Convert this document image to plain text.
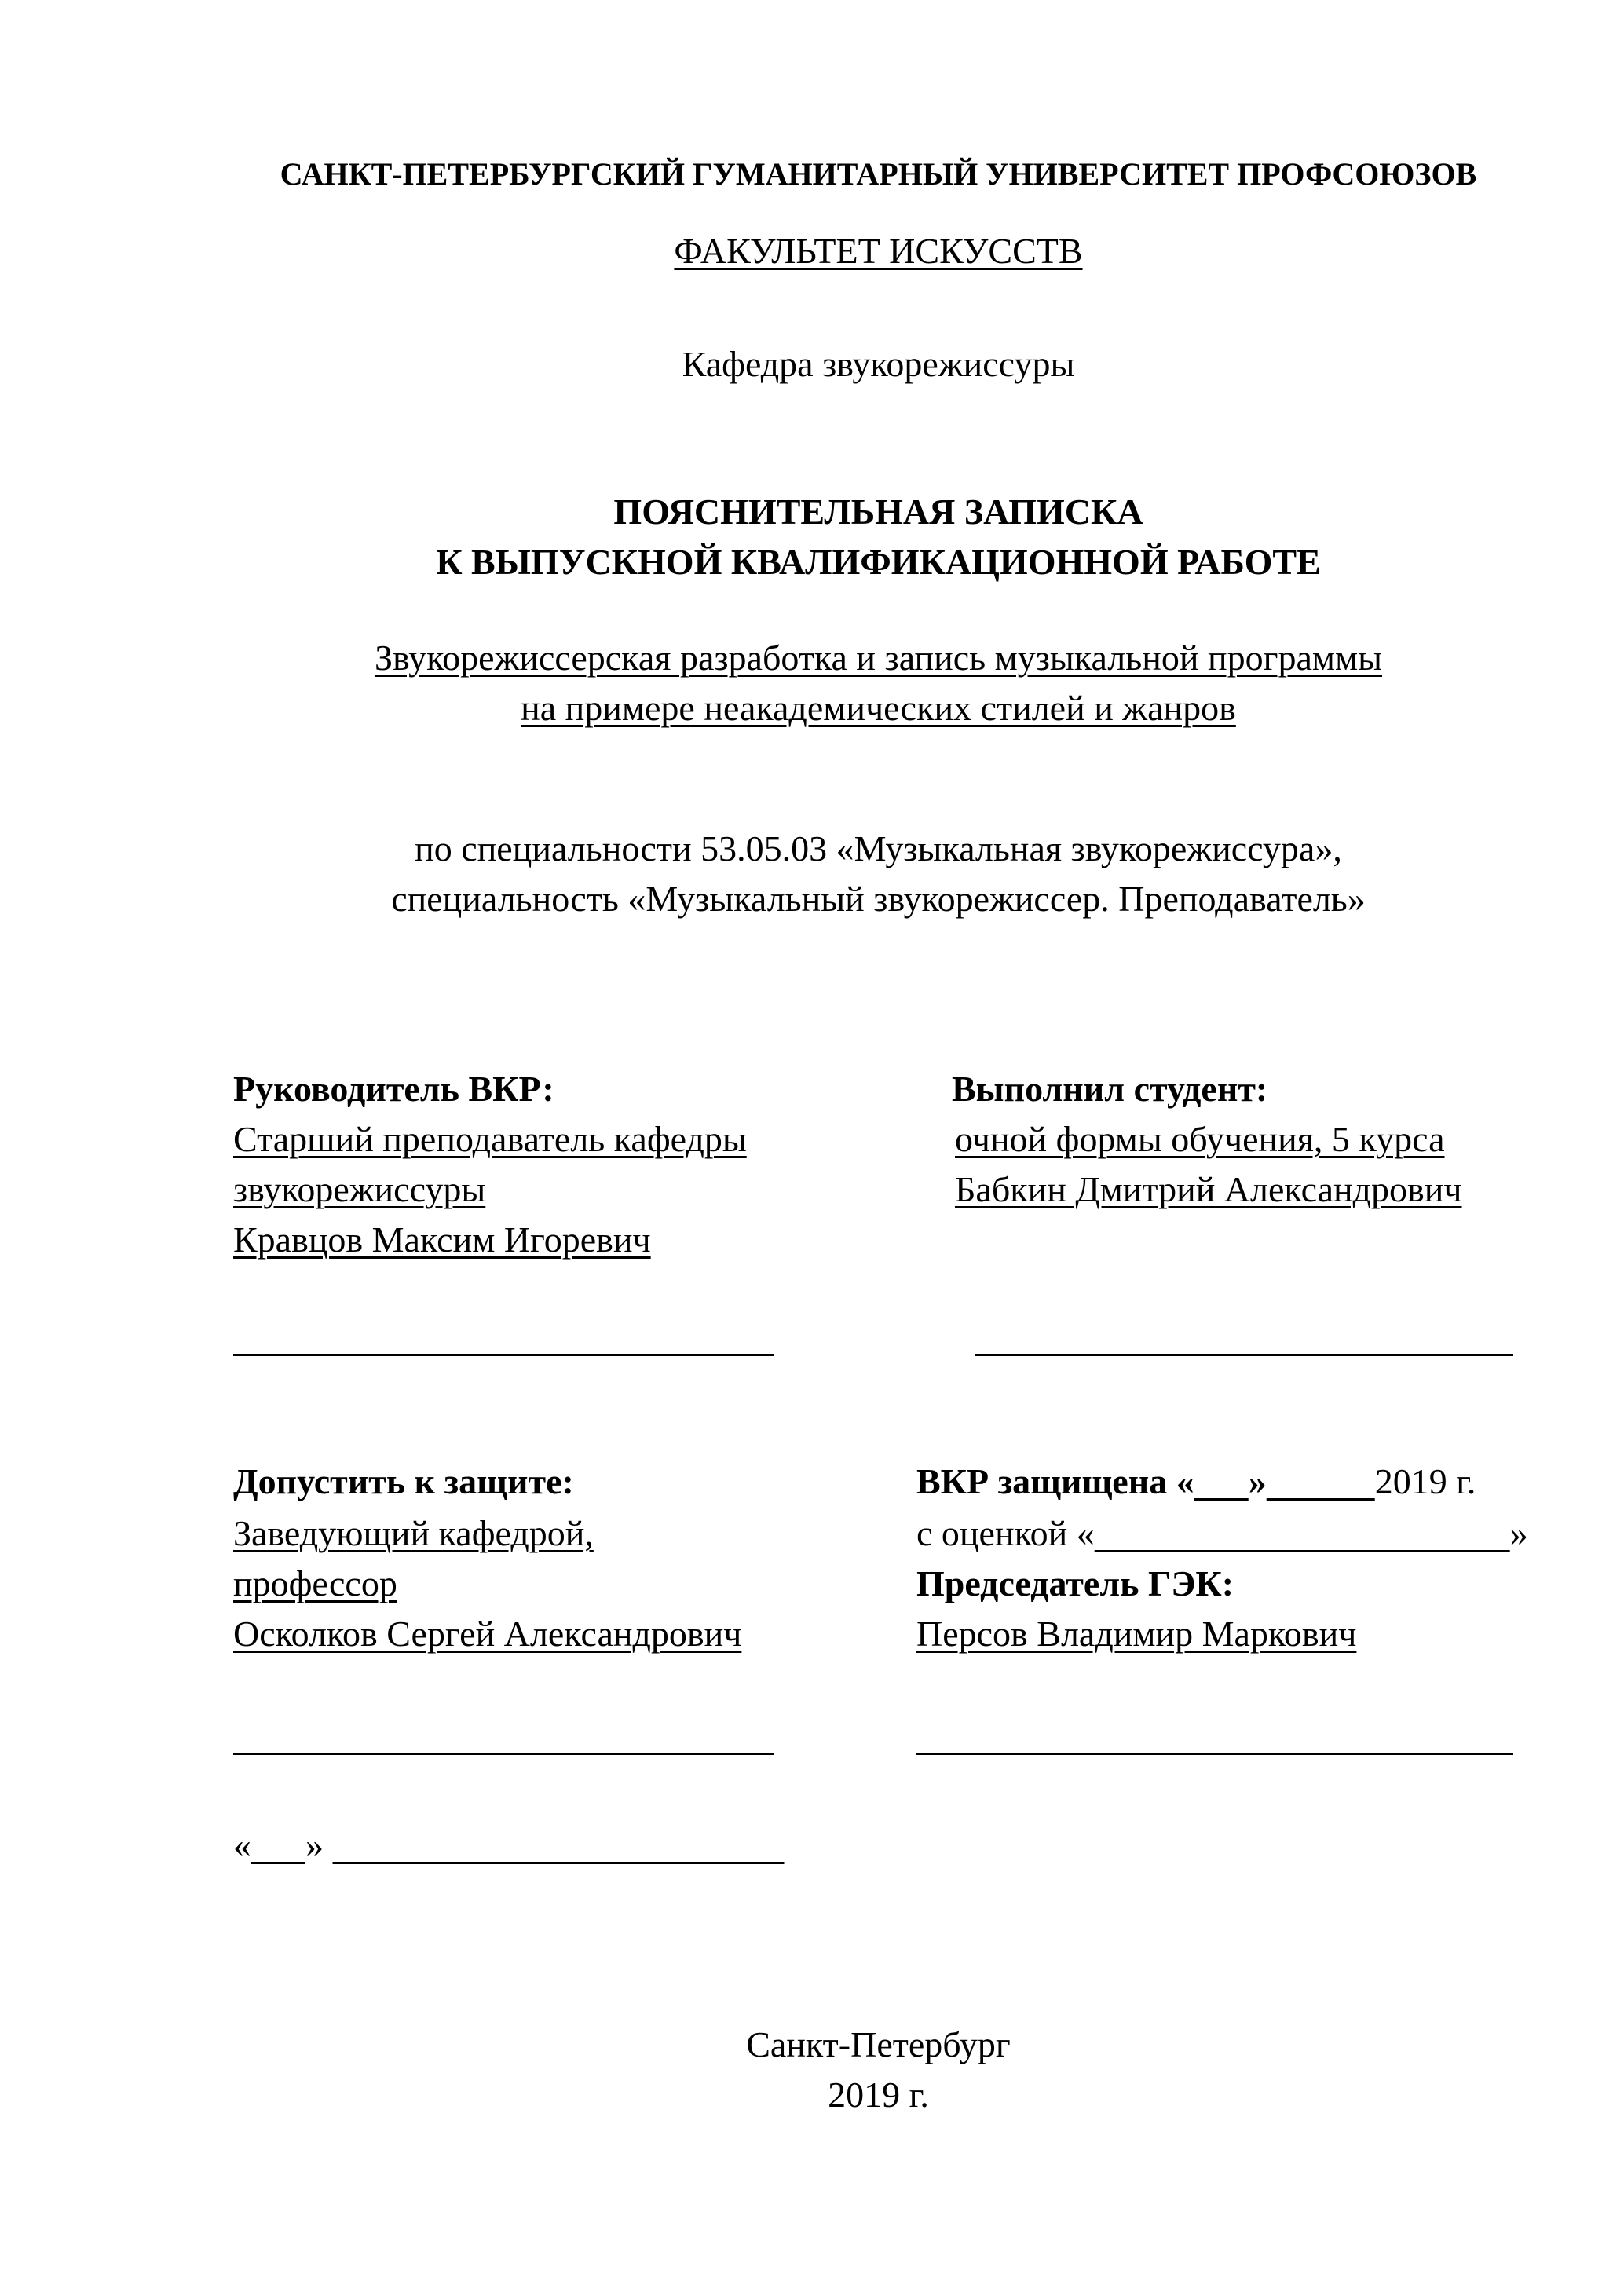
САНКТ-ПЕТЕРБУРГСКИЙ ГУМАНИТАРНЫЙ УНИВЕРСИТЕТ ПРОФСОЮЗОВ
ФАКУЛЬТЕТ ИСКУССТВ
Кафедра звукорежиссуры
ПОЯСНИТЕЛЬНАЯ ЗАПИСКА
К ВЫПУСКНОЙ КВАЛИФИКАЦИОННОЙ РАБОТЕ
Звукорежиссерская разработка и запись музыкальной программы
на примере неакадемических стилей и жанров
по специальности 53.05.03 «Музыкальная звукорежиссура»,
специальность «Музыкальный звукорежиссер. Преподаватель»
Руководитель ВКР:
Старший преподаватель кафедры
звукорежиссуры
Кравцов Максим Игоревич
Выполнил студент:
очной формы обучения, 5 курса
Бабкин Дмитрий Александрович
Допустить к защите:
Заведующий кафедрой,
профессор
Осколков Сергей Александрович
ВКР защищена « »	2019 г.
с оценкой «	»
Председатель ГЭК:
Персов Владимир Маркович
« »
Санкт-Петербург
2019 г.
